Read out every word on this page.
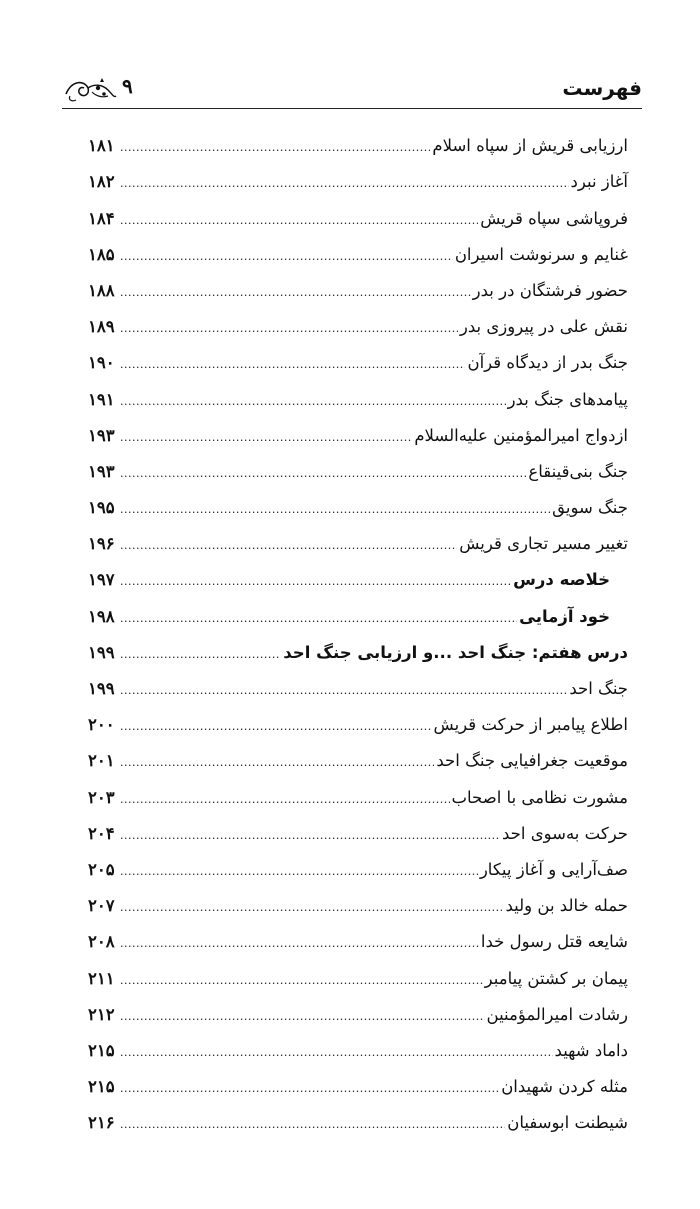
فهرست
۹
ارزیابی قریش از سپاه اسلام
.....
۱۸۱
آغاز نبرد
.....
۱۸۲
فروپاشی سپاه قریش
.....
۱۸۴
غنایم و سرنوشت اسیران
.....
۱۸۵
حضور فرشتگان در بدر
.....
۱۸۸
نقش علی در پیروزی بدر
.....
۱۸۹
جنگ بدر از دیدگاه قرآن
.....
۱۹۰
پیامدهای جنگ بدر
.....
۱۹۱
ازدواج امیرالمؤمنین علیه‌السلام
.....
۱۹۳
جنگ بنی‌قینقاع
.....
۱۹۳
جنگ سویق
.....
۱۹۵
تغییر مسیر تجاری قریش
.....
۱۹۶
خلاصه درس
.....
۱۹۷
خود آزمایی
.....
۱۹۸
درس هفتم: جنگ احد ...و ارزیابی جنگ احد
.....
۱۹۹
جنگ احد
.....
۱۹۹
اطلاع پیامبر از حرکت قریش
.....
۲۰۰
موقعیت جغرافیایی جنگ احد
.....
۲۰۱
مشورت نظامی با اصحاب
.....
۲۰۳
حرکت به‌سوی احد
.....
۲۰۴
صف‌آرایی و آغاز پیکار
.....
۲۰۵
حمله خالد بن ولید
.....
۲۰۷
شایعه قتل رسول خدا
.....
۲۰۸
پیمان بر کشتن پیامبر
.....
۲۱۱
رشادت امیرالمؤمنین
.....
۲۱۲
داماد شهید
.....
۲۱۵
مثله کردن شهیدان
.....
۲۱۵
شیطنت ابوسفیان
.....
۲۱۶
